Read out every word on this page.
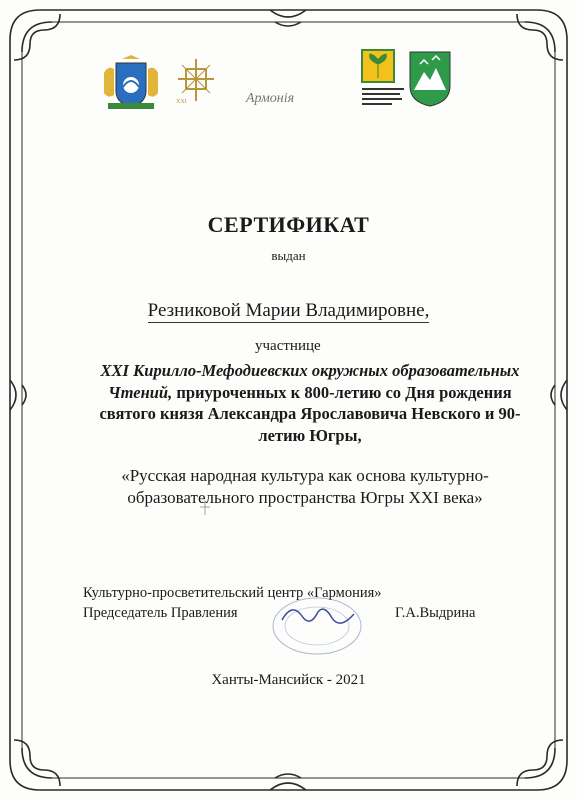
XXI	Армонія
СЕРТИФИКАТ
выдан
Резниковой Марии Владимировне,
участнице
XXI Кирилло-Мефодиевских окружных образовательных Чтений, приуроченных к 800-летию со Дня рождения святого князя Александра Ярославовича Невского и 90-летию Югры,
«Русская народная культура как основа культурно-образовательного пространства Югры XXI века»
Культурно-просветительский центр «Гармония»
Председатель Правления	Г.А.Выдрина
Ханты-Мансийск - 2021
